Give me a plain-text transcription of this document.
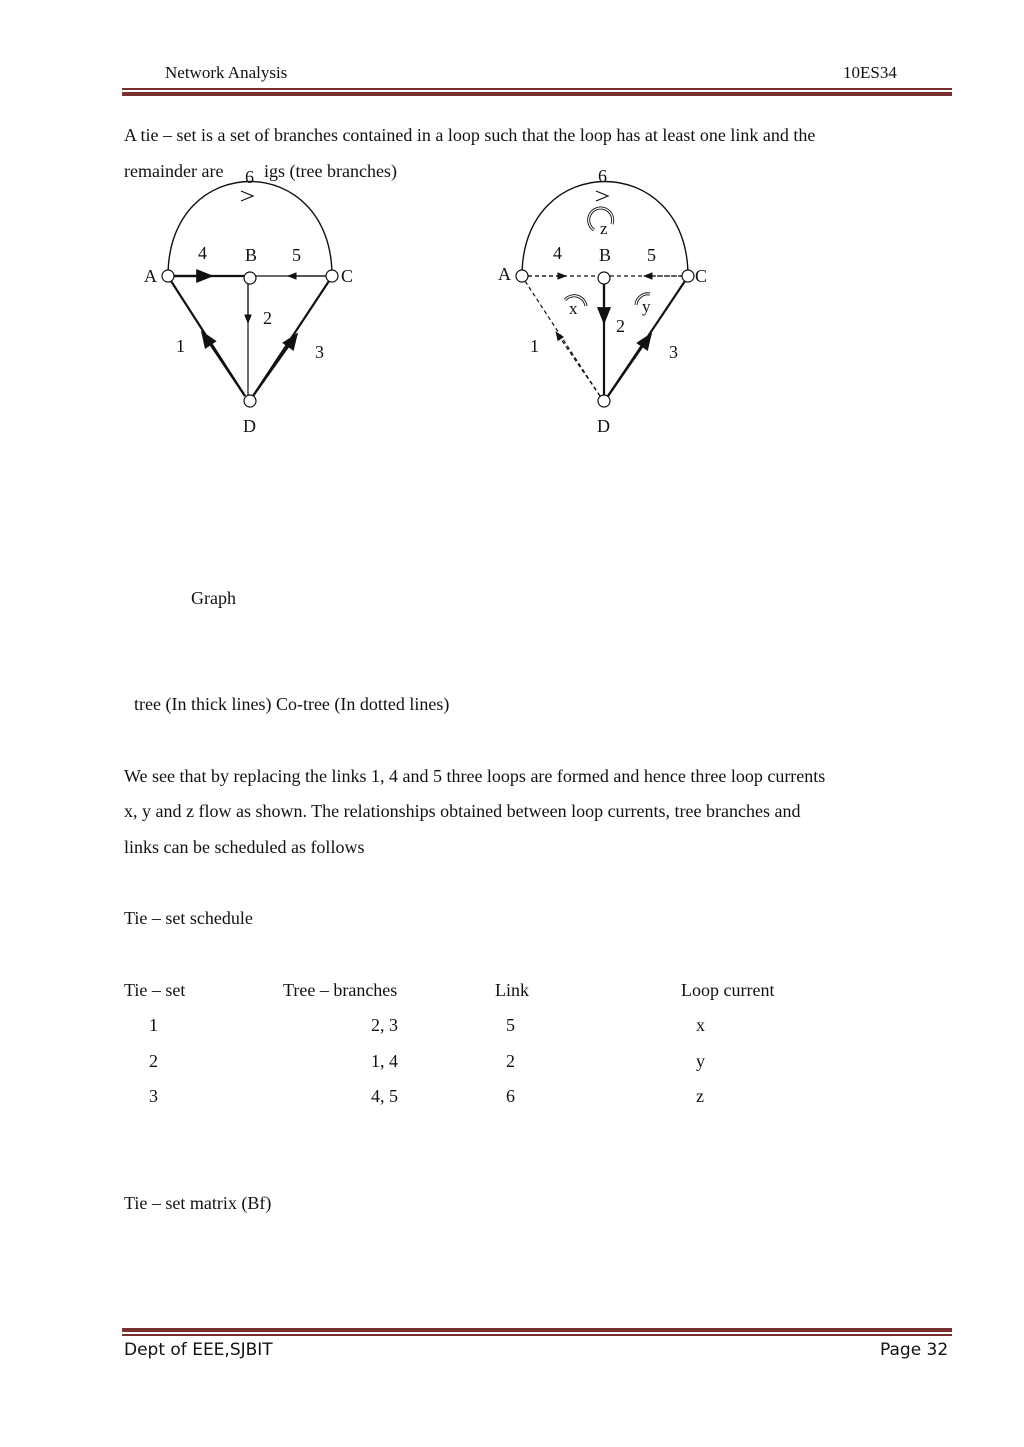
Network Analysis	10ES34
A tie – set is a set of branches contained in a loop such that the loop has at least one link and the
remainder are igs (tree branches)
6
4 B 5
A	C
2
1	3
D
6
z
4 B 5
A	C
x	y
2
1	3
D
Graph
tree (In thick lines) Co-tree (In dotted lines)
We see that by replacing the links 1, 4 and 5 three loops are formed and hence three loop currents
x, y and z flow as shown. The relationships obtained between loop currents, tree branches and
links can be scheduled as follows
Tie – set schedule
Tie – set	Tree – branches	Link	Loop current
1	2, 3	5	x
2	1, 4	2	y
3	4, 5	6	z
Tie – set matrix (Bf)
Dept of EEE,SJBIT	Page 32
